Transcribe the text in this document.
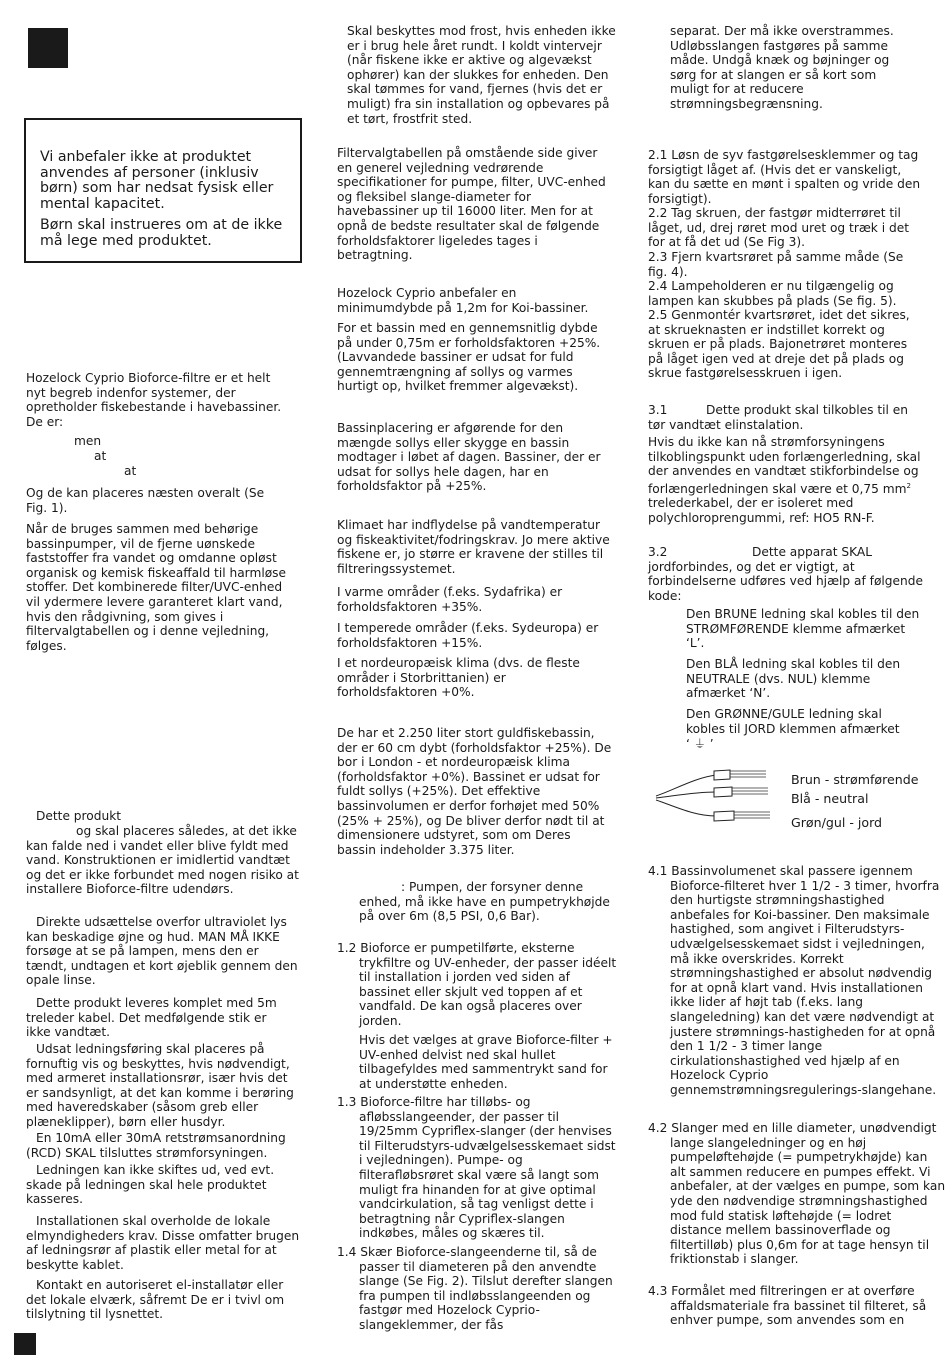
Vi anbefaler ikke at produktet anvendes af personer (inklusiv børn) som har nedsat fysisk eller mental kapacitet.

Børn skal instrueres om at de ikke må lege med produktet.

Hozelock Cyprio Bioforce-filtre er et helt nyt begreb indenfor systemer, der opretholder fiskebestande i havebassiner. De er:

men

at

at

Og de kan placeres næsten overalt (Se Fig. 1).

Når de bruges sammen med behørige bassinpumper, vil de fjerne uønskede faststoffer fra vandet og omdanne opløst organisk og kemisk fiskeaffald til harmløse stoffer. Det kombinerede filter/UVC-enhed vil ydermere levere garanteret klart vand, hvis den rådgivning, som gives i filtervalgtabellen og i denne vejledning, følges.

Dette produkt

og skal placeres således, at det ikke kan falde ned i vandet eller blive fyldt med vand. Konstruktionen er imidlertid vandtæt og det er ikke forbundet med nogen risiko at installere Bioforce-filtre udendørs.

Direkte udsættelse overfor ultraviolet lys kan beskadige øjne og hud. MAN MÅ IKKE forsøge at se på lampen, mens den er tændt, undtagen et kort øjeblik gennem den opale linse.

Dette produkt leveres komplet med 5m treleder kabel. Det medfølgende stik er ikke vandtæt.

Udsat ledningsføring skal placeres på fornuftig vis og beskyttes, hvis nødvendigt, med armeret installationsrør, især hvis det er sandsynligt, at det kan komme i berøring med haveredskaber (såsom greb eller plæneklipper), børn eller husdyr.

En 10mA eller 30mA retstrømsanordning (RCD) SKAL tilsluttes strømforsyningen.

Ledningen kan ikke skiftes ud, ved evt. skade på ledningen skal hele produktet kasseres.

Installationen skal overholde de lokale elmyndigheders krav. Disse omfatter brugen af ledningsrør af plastik eller metal for at beskytte kablet.

Kontakt en autoriseret el-installatør eller det lokale elværk, såfremt De er i tvivl om tilslytning til lysnettet.

Skal beskyttes mod frost, hvis enheden ikke er i brug hele året rundt. I koldt vintervejr (når fiskene ikke er aktive og algevækst ophører) kan der slukkes for enheden. Den skal tømmes for vand, fjernes (hvis det er muligt) fra sin installation og opbevares på et tørt, frostfrit sted.

Filtervalgtabellen på omstående side giver en generel vejledning vedrørende specifikationer for pumpe, filter, UVC-enhed og fleksibel slange-diameter for havebassiner up til 16000 liter. Men for at opnå de bedste resultater skal de følgende forholdsfaktorer ligeledes tages i betragtning.

Hozelock Cyprio anbefaler en minimumdybde på 1,2m for Koi-bassiner.

For et bassin med en gennemsnitlig dybde på under 0,75m er forholdsfaktoren +25%. (Lavvandede bassiner er udsat for fuld gennemtrængning af sollys og varmes hurtigt op, hvilket fremmer algevækst).

Bassinplacering er afgørende for den mængde sollys eller skygge en bassin modtager i løbet af dagen. Bassiner, der er udsat for sollys hele dagen, har en forholdsfaktor på +25%.

Klimaet har indflydelse på vandtemperatur og fiskeaktivitet/fodringskrav. Jo mere aktive fiskene er, jo større er kravene der stilles til filtreringssystemet.

I varme områder (f.eks. Sydafrika) er forholdsfaktoren +35%.

I temperede områder (f.eks. Sydeuropa) er forholdsfaktoren +15%.

I et nordeuropæisk klima (dvs. de fleste områder i Storbrittanien) er forholdsfaktoren +0%.

De har et 2.250 liter stort guldfiskebassin, der er 60 cm dybt (forholdsfaktor +25%). De bor i London - et nordeuropæisk klima (forholdsfaktor +0%). Bassinet er udsat for fuldt sollys (+25%). Det effektive bassinvolumen er derfor forhøjet med 50% (25% + 25%), og De bliver derfor nødt til at dimensionere udstyret, som om Deres bassin indeholder 3.375 liter.

: Pumpen, der forsyner denne enhed, må ikke have en pumpetrykhøjde på over 6m (8,5 PSI, 0,6 Bar).

1.2 Bioforce er pumpetilførte, eksterne trykfiltre og UV-enheder, der passer idéelt til installation i jorden ved siden af bassinet eller skjult ved toppen af et vandfald. De kan også placeres over jorden.

Hvis det vælges at grave Bioforce-filter + UV-enhed delvist ned skal hullet tilbagefyldes med sammentrykt sand for at understøtte enheden.

1.3 Bioforce-filtre har tilløbs- og afløbsslangeender, der passer til 19/25mm Cypriflex-slanger (der henvises til Filterudstyrs-udvælgelsesskemaet sidst i vejledningen). Pumpe- og filterafløbsrøret skal være så langt som muligt fra hinanden for at give optimal vandcirkulation, så tag venligst dette i betragtning når Cypriflex-slangen indkøbes, måles og skæres til.

1.4 Skær Bioforce-slangeenderne til, så de passer til diameteren på den anvendte slange (Se Fig. 2). Tilslut derefter slangen fra pumpen til indløbsslangeenden og fastgør med Hozelock Cyprio-slangeklemmer, der fås

separat. Der må ikke overstrammes. Udløbsslangen fastgøres på samme måde. Undgå knæk og bøjninger og sørg for at slangen er så kort som muligt for at reducere strømningsbegrænsning.

2.1 Løsn de syv fastgørelsesklemmer og tag forsigtigt låget af. (Hvis det er vanskeligt, kan du sætte en mønt i spalten og vride den forsigtigt).

2.2 Tag skruen, der fastgør midterrøret til låget, ud, drej røret mod uret og træk i det for at få det ud (Se Fig 3).

2.3 Fjern kvartsrøret på samme måde (Se fig. 4).

2.4 Lampeholderen er nu tilgængelig og lampen kan skubbes på plads (Se fig. 5).

2.5 Genmontér kvartsrøret, idet det sikres, at skrueknasten er indstillet korrekt og skruen er på plads. Bajonetrøret monteres på låget igen ved at dreje det på plads og skrue fastgørelsesskruen i igen.

3.1	Dette produkt skal tilkobles til en tør vandtæt elinstalation.

Hvis du ikke kan nå strømforsyningens tilkoblingspunkt uden forlængerledning, skal der anvendes en vandtæt stikforbindelse og forlængerledningen skal være et 0,75 $mm^2$ trelederkabel, der er isoleret med polychloroprengummi, ref: HO5 RN-F.

3.2	Dette apparat SKAL jordforbindes, og det er vigtigt, at forbindelserne udføres ved hjælp af følgende kode:

Den BRUNE ledning skal kobles til den STRØMFØRENDE klemme afmærket ‘L’.

Den BLÅ ledning skal kobles til den NEUTRALE (dvs. NUL) klemme afmærket ‘N’.

Den GRØNNE/GULE ledning skal kobles til JORD klemmen afmærket

‘ ⏚ ’

Brun - strømførende
Blå - neutral
Grøn/gul - jord

4.1 Bassinvolumenet skal passere igennem Bioforce-filteret hver 1 1/2 - 3 timer, hvorfra den hurtigste strømningshastighed anbefales for Koi-bassiner. Den maksimale hastighed, som angivet i Filterudstyrs-udvælgelsesskemaet sidst i vejledningen, må ikke overskrides. Korrekt strømningshastighed er absolut nødvendig for at opnå klart vand. Hvis installationen ikke lider af højt tab (f.eks. lang slangeledning) kan det være nødvendigt at justere strømnings-hastigheden for at opnå den 1 1/2 - 3 timer lange cirkulationshastighed ved hjælp af en Hozelock Cyprio gennemstrømningsregulerings-slangehane.

4.2 Slanger med en lille diameter, unødvendigt lange slangeledninger og en høj pumpeløftehøjde (= pumpetrykhøjde) kan alt sammen reducere en pumpes effekt. Vi anbefaler, at der vælges en pumpe, som kan yde den nødvendige strømningshastighed mod fuld statisk løftehøjde (= lodret distance mellem bassinoverflade og filtertilløb) plus 0,6m for at tage hensyn til friktionstab i slanger.

4.3 Formålet med filtreringen er at overføre affaldsmateriale fra bassinet til filteret, så enhver pumpe, som anvendes som en
